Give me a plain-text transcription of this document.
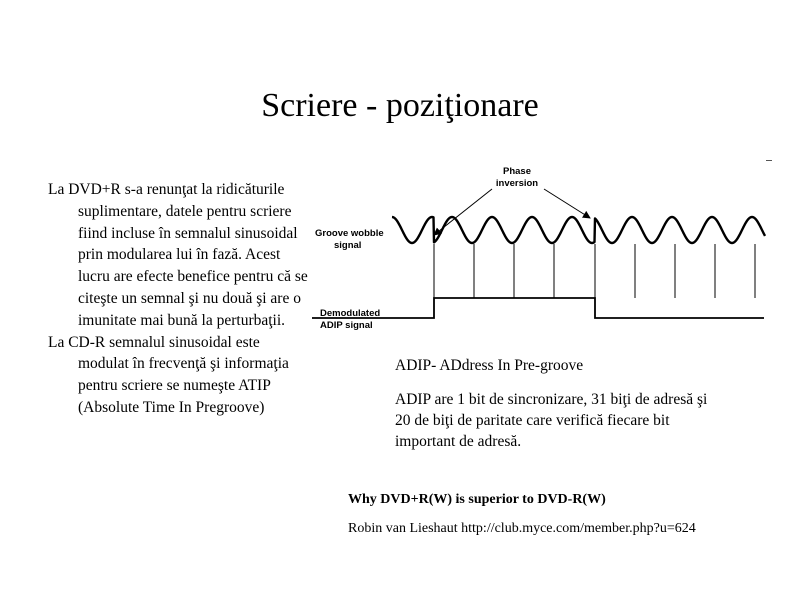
Scriere - poziţionare
La DVD+R s-a renunţat la ridicăturile suplimentare, datele pentru scriere fiind incluse în semnalul sinusoidal prin modularea lui în fază. Acest lucru are efecte benefice pentru că se citeşte un semnal şi nu două şi are o imunitate mai bună la perturbaţii.
La CD-R semnalul sinusoidal este modulat în frecvenţă şi informaţia pentru scriere se numeşte ATIP (Absolute Time In Pregroove)
Phase
inversion
Groove wobble
signal
Demodulated
ADIP signal

ADIP- ADdress In Pre-groove

ADIP are 1 bit de sincronizare, 31 biţi de adresă şi 20 de biţi de paritate care verifică fiecare bit important de adresă.

Why DVD+R(W) is superior to DVD-R(W)

Robin van Lieshaut http://club.myce.com/member.php?u=624
